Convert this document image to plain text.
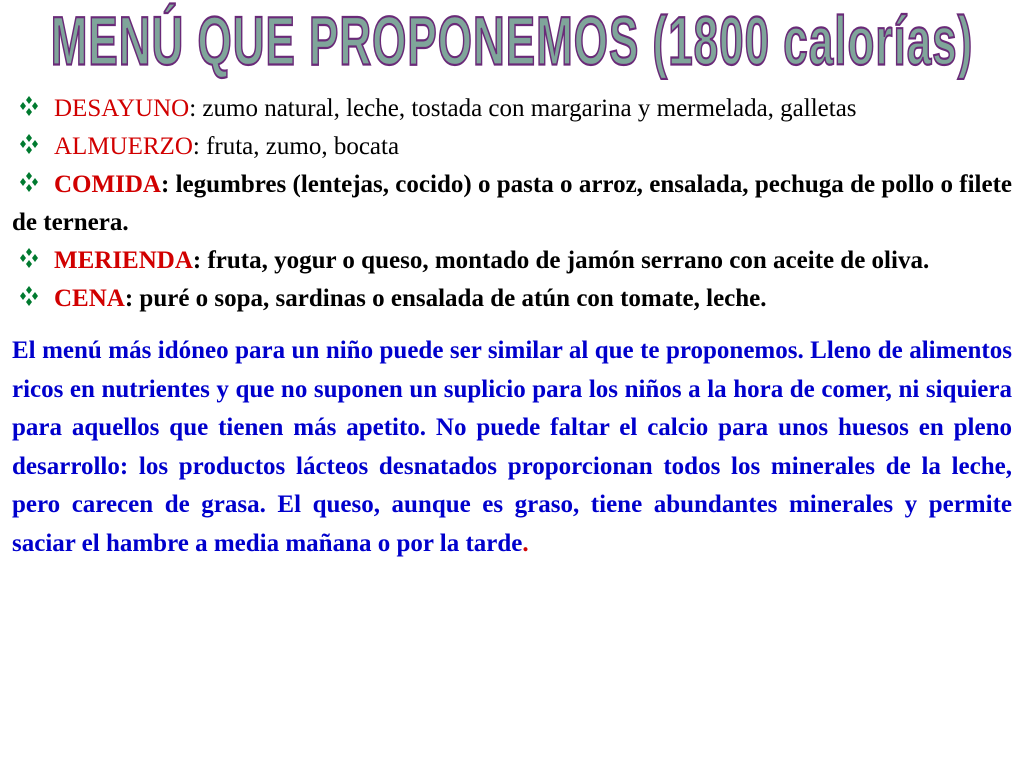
MENÚ QUE PROPONEMOS (1800 calorías)

DESAYUNO: zumo natural, leche, tostada con margarina y mermelada, galletas

ALMUERZO: fruta, zumo, bocata

COMIDA: legumbres (lentejas, cocido) o pasta o arroz, ensalada, pechuga de pollo o filete de ternera.

MERIENDA: fruta, yogur o queso, montado de jamón serrano con aceite de oliva.

CENA: puré o sopa, sardinas o ensalada de atún con tomate, leche.

El menú más idóneo para un niño puede ser similar al que te proponemos. Lleno de alimentos ricos en nutrientes y que no suponen un suplicio para los niños a la hora de comer, ni siquiera para aquellos que tienen más apetito. No puede faltar el calcio para unos huesos en pleno desarrollo: los productos lácteos desnatados proporcionan todos los minerales de la leche, pero carecen de grasa. El queso, aunque es graso, tiene abundantes minerales y permite saciar el hambre a media mañana o por la tarde.
